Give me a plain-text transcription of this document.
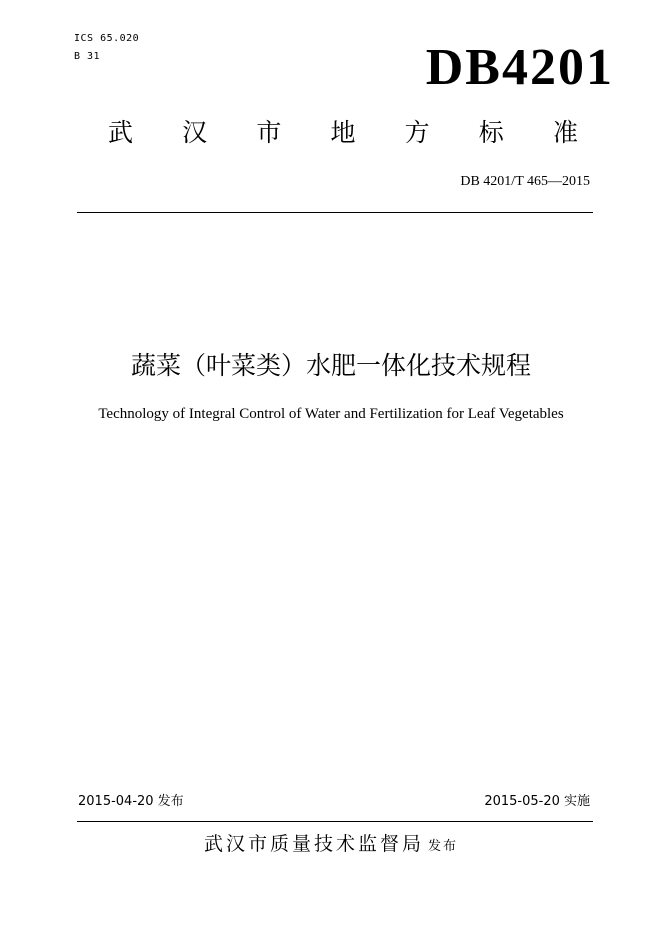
ICS 65.020
B 31	DB4201
武 汉 市 地 方 标 准
DB 4201/T 465—2015
蔬菜（叶菜类）水肥一体化技术规程
Technology of Integral Control of Water and Fertilization for Leaf Vegetables
2015-04-20 发布	2015-05-20 实施
武汉市质量技术监督局 发布
